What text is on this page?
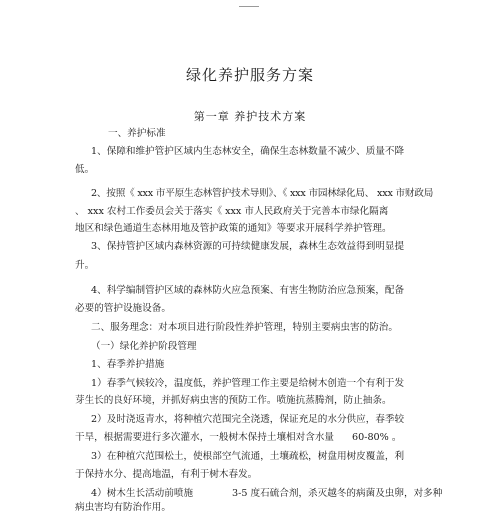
绿化养护服务方案
第一章 养护技术方案
一、养护标准
1、保障和维护管护区域内生态林安全，确保生态林数量不减少、质量不降
低。
2、按照《 xxx 市平原生态林管护技术导则》、《 xxx 市园林绿化局、 xxx 市财政局
、 xxx 农村工作委员会关于落实《 xxx 市人民政府关于完善本市绿化隔离
地区和绿色通道生态林用地及管护政策的通知》等要求开展科学养护管理。
3、保持管护区域内森林资源的可持续健康发展，森林生态效益得到明显提
升。
4、科学编制管护区域的森林防火应急预案、有害生物防治应急预案，配备
必要的管护设施设备。
二、服务理念：对本项目进行阶段性养护管理，特别主要病虫害的防治。
（一）绿化养护阶段管理
1、春季养护措施
1）春季气候较冷，温度低，养护管理工作主要是给树木创造一个有利于发
芽生长的良好环境，并抓好病虫害的预防工作。喷施抗蒸腾剂，防止抽条。
2）及时浇返青水，将种植穴范围完全浇透，保证充足的水分供应，春季较
干旱，根据需要进行多次灌水，一般树木保持土壤相对含水量 60-80% 。
3）在种植穴范围松土，使根部空气流通，土壤疏松，树盘用树皮覆盖，利
于保持水分、提高地温，有利于树木春发。
4）树木生长活动前喷施	3-5 度石硫合剂，杀灭越冬的病菌及虫卵，对多种
病虫害均有防治作用。
